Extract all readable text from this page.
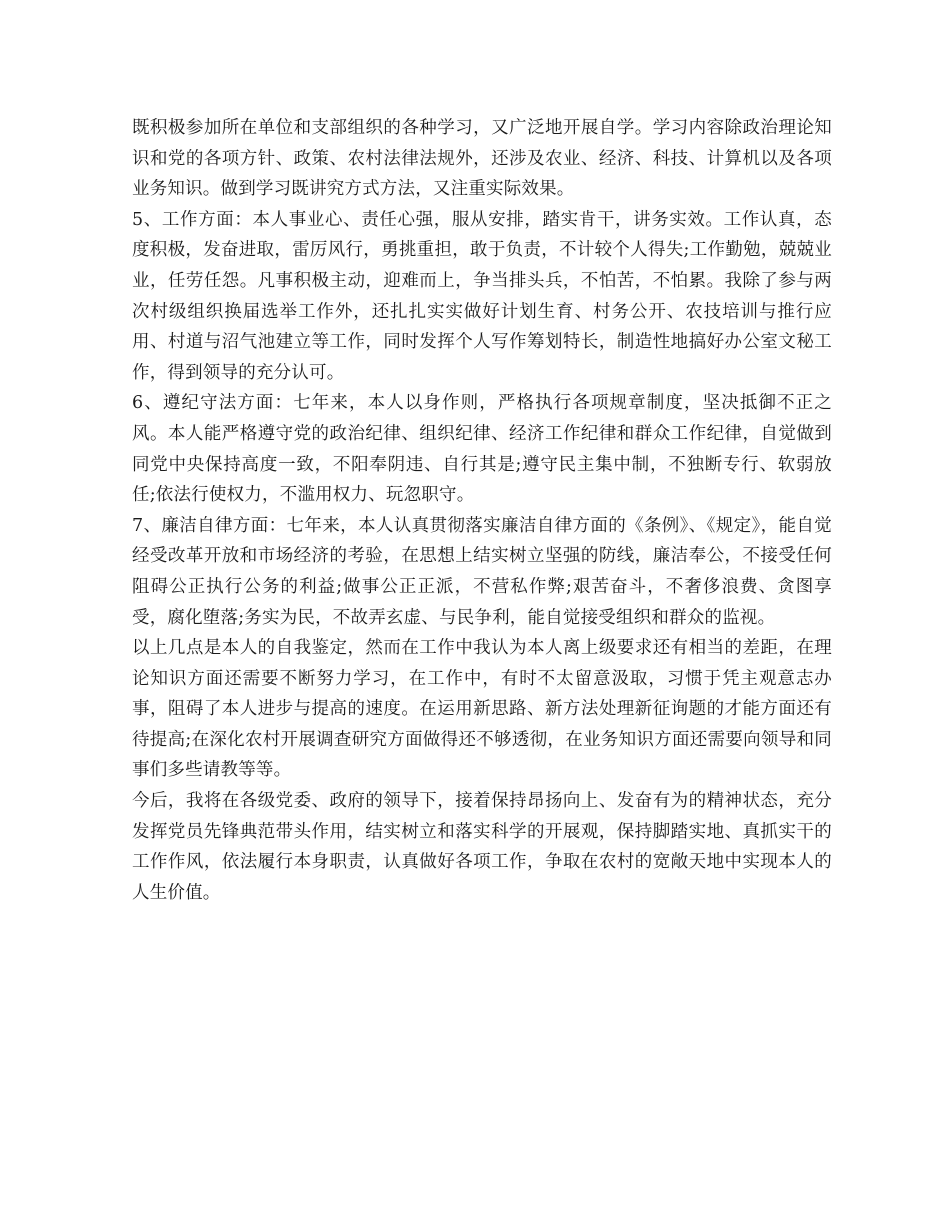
既积极参加所在单位和支部组织的各种学习，又广泛地开展自学。学习内容除政治理论知识和党的各项方针、政策、农村法律法规外，还涉及农业、经济、科技、计算机以及各项业务知识。做到学习既讲究方式方法，又注重实际效果。

5、工作方面：本人事业心、责任心强，服从安排，踏实肯干，讲务实效。工作认真，态度积极，发奋进取，雷厉风行，勇挑重担，敢于负责，不计较个人得失;工作勤勉，兢兢业业，任劳任怨。凡事积极主动，迎难而上，争当排头兵，不怕苦，不怕累。我除了参与两次村级组织换届选举工作外，还扎扎实实做好计划生育、村务公开、农技培训与推行应用、村道与沼气池建立等工作，同时发挥个人写作筹划特长，制造性地搞好办公室文秘工作，得到领导的充分认可。

6、遵纪守法方面：七年来，本人以身作则，严格执行各项规章制度，坚决抵御不正之风。本人能严格遵守党的政治纪律、组织纪律、经济工作纪律和群众工作纪律，自觉做到同党中央保持高度一致，不阳奉阴违、自行其是;遵守民主集中制，不独断专行、软弱放任;依法行使权力，不滥用权力、玩忽职守。

7、廉洁自律方面：七年来，本人认真贯彻落实廉洁自律方面的《条例》、《规定》，能自觉经受改革开放和市场经济的考验，在思想上结实树立坚强的防线，廉洁奉公，不接受任何阻碍公正执行公务的利益;做事公正正派，不营私作弊;艰苦奋斗，不奢侈浪费、贪图享受，腐化堕落;务实为民，不故弄玄虚、与民争利，能自觉接受组织和群众的监视。

以上几点是本人的自我鉴定，然而在工作中我认为本人离上级要求还有相当的差距，在理论知识方面还需要不断努力学习，在工作中，有时不太留意汲取，习惯于凭主观意志办事，阻碍了本人进步与提高的速度。在运用新思路、新方法处理新征询题的才能方面还有待提高;在深化农村开展调查研究方面做得还不够透彻，在业务知识方面还需要向领导和同事们多些请教等等。

今后，我将在各级党委、政府的领导下，接着保持昂扬向上、发奋有为的精神状态，充分发挥党员先锋典范带头作用，结实树立和落实科学的开展观，保持脚踏实地、真抓实干的工作作风，依法履行本身职责，认真做好各项工作，争取在农村的宽敞天地中实现本人的人生价值。
